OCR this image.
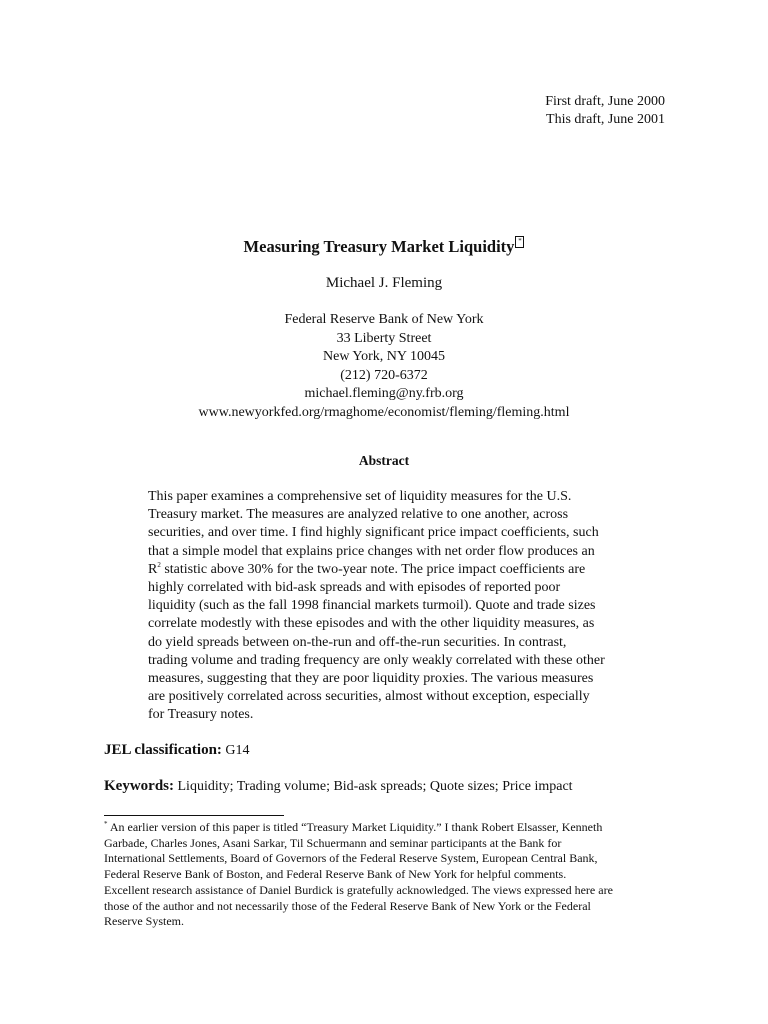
First draft, June 2000
This draft, June 2001
Measuring Treasury Market Liquidity *
Michael J. Fleming
Federal Reserve Bank of New York
33 Liberty Street
New York, NY 10045
(212) 720-6372
michael.fleming@ny.frb.org
www.newyorkfed.org/rmaghome/economist/fleming/fleming.html
Abstract
This paper examines a comprehensive set of liquidity measures for the U.S.
Treasury market. The measures are analyzed relative to one another, across
securities, and over time. I find highly significant price impact coefficients, such
that a simple model that explains price changes with net order flow produces an
$R^2$ statistic above 30% for the two-year note. The price impact coefficients are
highly correlated with bid-ask spreads and with episodes of reported poor
liquidity (such as the fall 1998 financial markets turmoil). Quote and trade sizes
correlate modestly with these episodes and with the other liquidity measures, as
do yield spreads between on-the-run and off-the-run securities. In contrast,
trading volume and trading frequency are only weakly correlated with these other
measures, suggesting that they are poor liquidity proxies. The various measures
are positively correlated across securities, almost without exception, especially
for Treasury notes.
JEL classification: G14
Keywords: Liquidity; Trading volume; Bid-ask spreads; Quote sizes; Price impact
* An earlier version of this paper is titled “Treasury Market Liquidity.” I thank Robert Elsasser, Kenneth
Garbade, Charles Jones, Asani Sarkar, Til Schuermann and seminar participants at the Bank for
International Settlements, Board of Governors of the Federal Reserve System, European Central Bank,
Federal Reserve Bank of Boston, and Federal Reserve Bank of New York for helpful comments.
Excellent research assistance of Daniel Burdick is gratefully acknowledged. The views expressed here are
those of the author and not necessarily those of the Federal Reserve Bank of New York or the Federal
Reserve System.
